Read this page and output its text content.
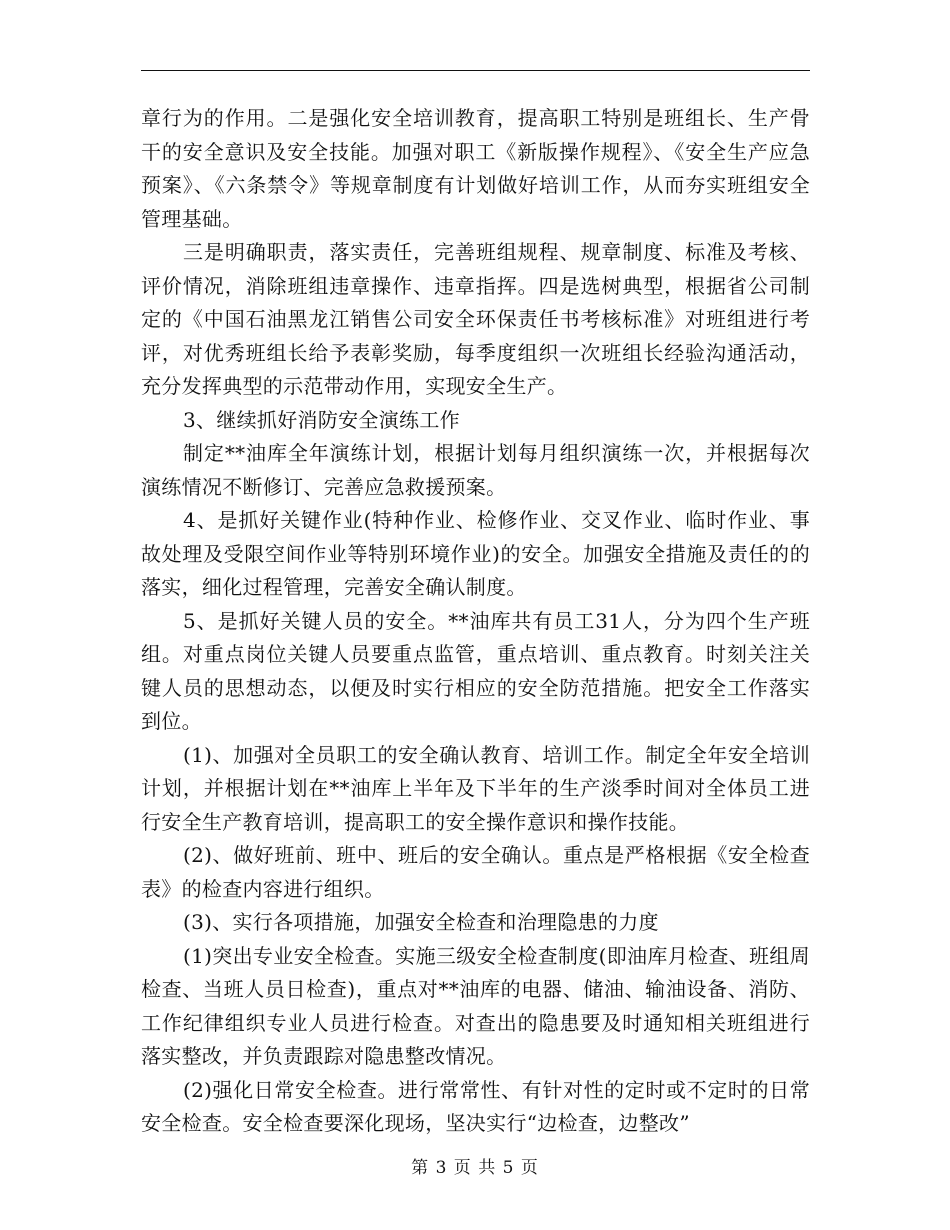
章行为的作用。二是强化安全培训教育，提高职工特别是班组长、生产骨干的安全意识及安全技能。加强对职工《新版操作规程》、《安全生产应急预案》、《六条禁令》等规章制度有计划做好培训工作，从而夯实班组安全管理基础。

三是明确职责，落实责任，完善班组规程、规章制度、标准及考核、评价情况，消除班组违章操作、违章指挥。四是选树典型，根据省公司制定的《中国石油黑龙江销售公司安全环保责任书考核标准》对班组进行考评，对优秀班组长给予表彰奖励，每季度组织一次班组长经验沟通活动，充分发挥典型的示范带动作用，实现安全生产。

3、继续抓好消防安全演练工作

制定**油库全年演练计划，根据计划每月组织演练一次，并根据每次演练情况不断修订、完善应急救援预案。

4、是抓好关键作业(特种作业、检修作业、交叉作业、临时作业、事故处理及受限空间作业等特别环境作业)的安全。加强安全措施及责任的的落实，细化过程管理，完善安全确认制度。

5、是抓好关键人员的安全。**油库共有员工31人，分为四个生产班组。对重点岗位关键人员要重点监管，重点培训、重点教育。时刻关注关键人员的思想动态，以便及时实行相应的安全防范措施。把安全工作落实到位。

(1)、加强对全员职工的安全确认教育、培训工作。制定全年安全培训计划，并根据计划在**油库上半年及下半年的生产淡季时间对全体员工进行安全生产教育培训，提高职工的安全操作意识和操作技能。

(2)、做好班前、班中、班后的安全确认。重点是严格根据《安全检查表》的检查内容进行组织。

(3)、实行各项措施，加强安全检查和治理隐患的力度

(1)突出专业安全检查。实施三级安全检查制度(即油库月检查、班组周检查、当班人员日检查)，重点对**油库的电器、储油、输油设备、消防、工作纪律组织专业人员进行检查。对查出的隐患要及时通知相关班组进行落实整改，并负责跟踪对隐患整改情况。

(2)强化日常安全检查。进行常常性、有针对性的定时或不定时的日常安全检查。安全检查要深化现场，坚决实行“边检查，边整改”

第 3 页 共 5 页
